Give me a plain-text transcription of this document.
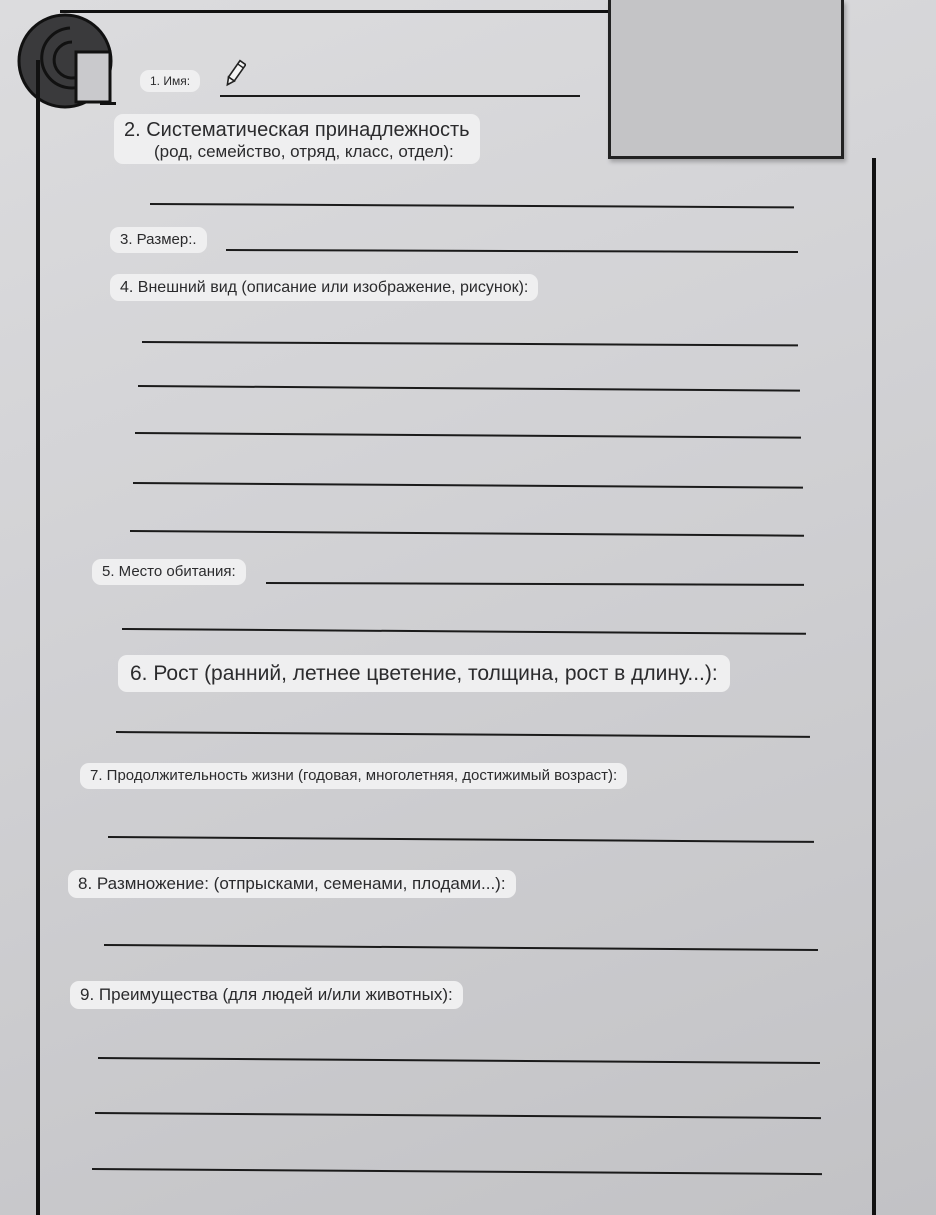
1. Имя:
2. Систематическая принадлежность
(род, семейство, отряд, класс, отдел):
3. Размер:.
4. Внешний вид (описание или изображение, рисунок):
5. Место обитания:
6. Рост (ранний, летнее цветение, толщина, рост в длину...):
7. Продолжительность жизни (годовая, многолетняя, достижимый возраст):
8. Размножение: (отпрысками, семенами, плодами...):
9. Преимущества (для людей и/или животных):
